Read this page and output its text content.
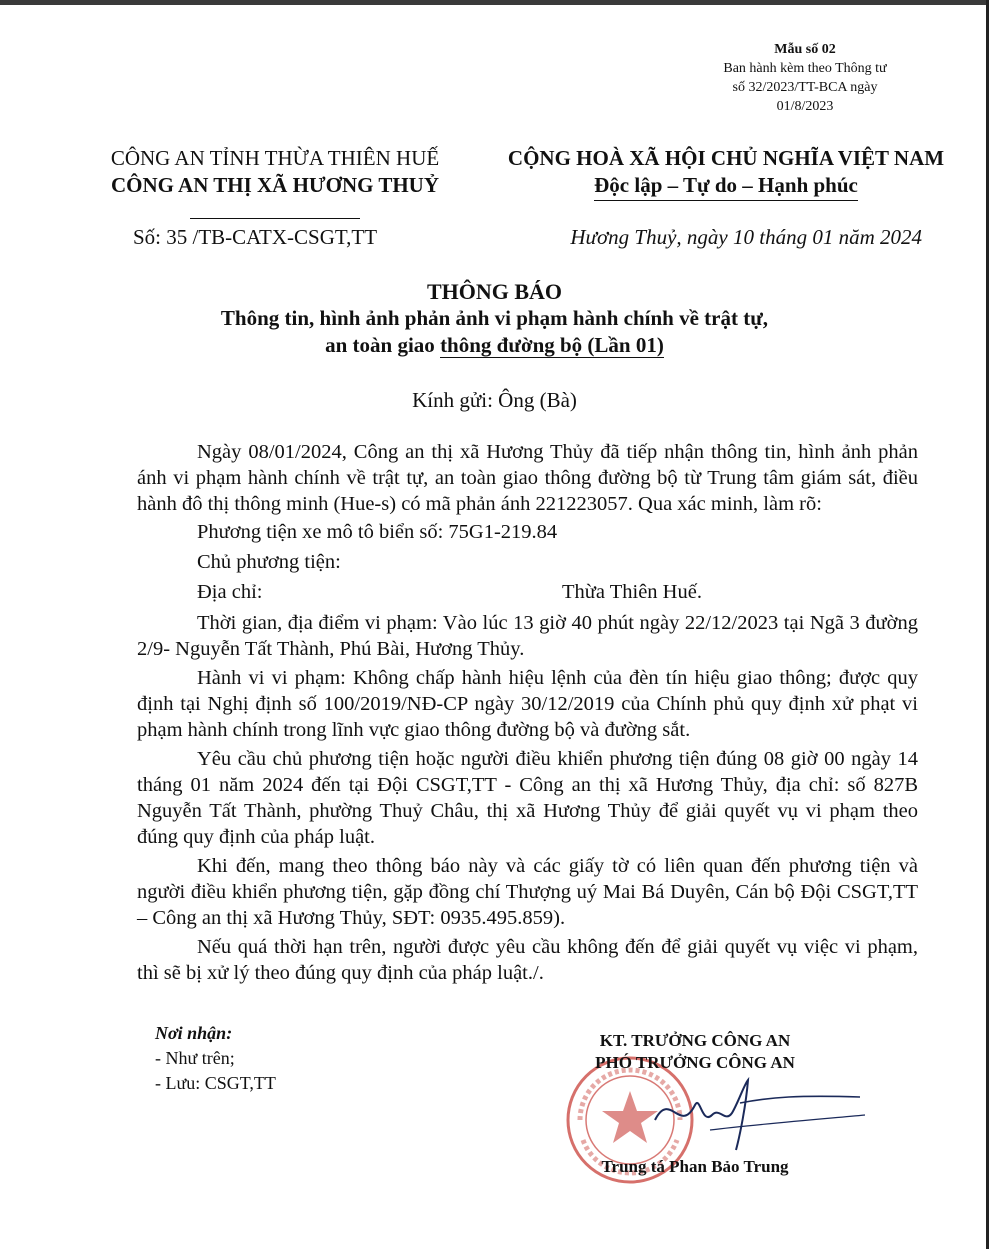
Mẫu số 02
Ban hành kèm theo Thông tư
số 32/2023/TT-BCA ngày
01/8/2023
CÔNG AN TỈNH THỪA THIÊN HUẾ
CÔNG AN THỊ XÃ HƯƠNG THUỶ
CỘNG HOÀ XÃ HỘI CHỦ NGHĨA VIỆT NAM
Độc lập – Tự do – Hạnh phúc
Số: 35 /TB-CATX-CSGT,TT	Hương Thuỷ, ngày 10 tháng 01 năm 2024
THÔNG BÁO
Thông tin, hình ảnh phản ảnh vi phạm hành chính về trật tự,
an toàn giao thông đường bộ (Lần 01)
Kính gửi: Ông (Bà)

Ngày 08/01/2024, Công an thị xã Hương Thủy đã tiếp nhận thông tin, hình ảnh phản ánh vi phạm hành chính về trật tự, an toàn giao thông đường bộ từ Trung tâm giám sát, điều hành đô thị thông minh (Hue-s) có mã phản ánh 221223057. Qua xác minh, làm rõ:

Phương tiện xe mô tô biển số: 75G1-219.84
Chủ phương tiện:
Địa chỉ:	Thừa Thiên Huế.

Thời gian, địa điểm vi phạm: Vào lúc 13 giờ 40 phút ngày 22/12/2023 tại Ngã 3 đường 2/9- Nguyễn Tất Thành, Phú Bài, Hương Thủy.

Hành vi vi phạm: Không chấp hành hiệu lệnh của đèn tín hiệu giao thông; được quy định tại Nghị định số 100/2019/NĐ-CP ngày 30/12/2019 của Chính phủ quy định xử phạt vi phạm hành chính trong lĩnh vực giao thông đường bộ và đường sắt.

Yêu cầu chủ phương tiện hoặc người điều khiển phương tiện đúng 08 giờ 00 ngày 14 tháng 01 năm 2024 đến tại Đội CSGT,TT - Công an thị xã Hương Thủy, địa chỉ: số 827B Nguyễn Tất Thành, phường Thuỷ Châu, thị xã Hương Thủy để giải quyết vụ vi phạm theo đúng quy định của pháp luật.

Khi đến, mang theo thông báo này và các giấy tờ có liên quan đến phương tiện và người điều khiển phương tiện, gặp đồng chí Thượng uý Mai Bá Duyên, Cán bộ Đội CSGT,TT – Công an thị xã Hương Thủy, SĐT: 0935.495.859).

Nếu quá thời hạn trên, người được yêu cầu không đến để giải quyết vụ việc vi phạm, thì sẽ bị xử lý theo đúng quy định của pháp luật./.

Nơi nhận:
- Như trên;
- Lưu: CSGT,TT
KT. TRƯỞNG CÔNG AN
PHÓ TRƯỞNG CÔNG AN
Trung tá Phan Bảo Trung
